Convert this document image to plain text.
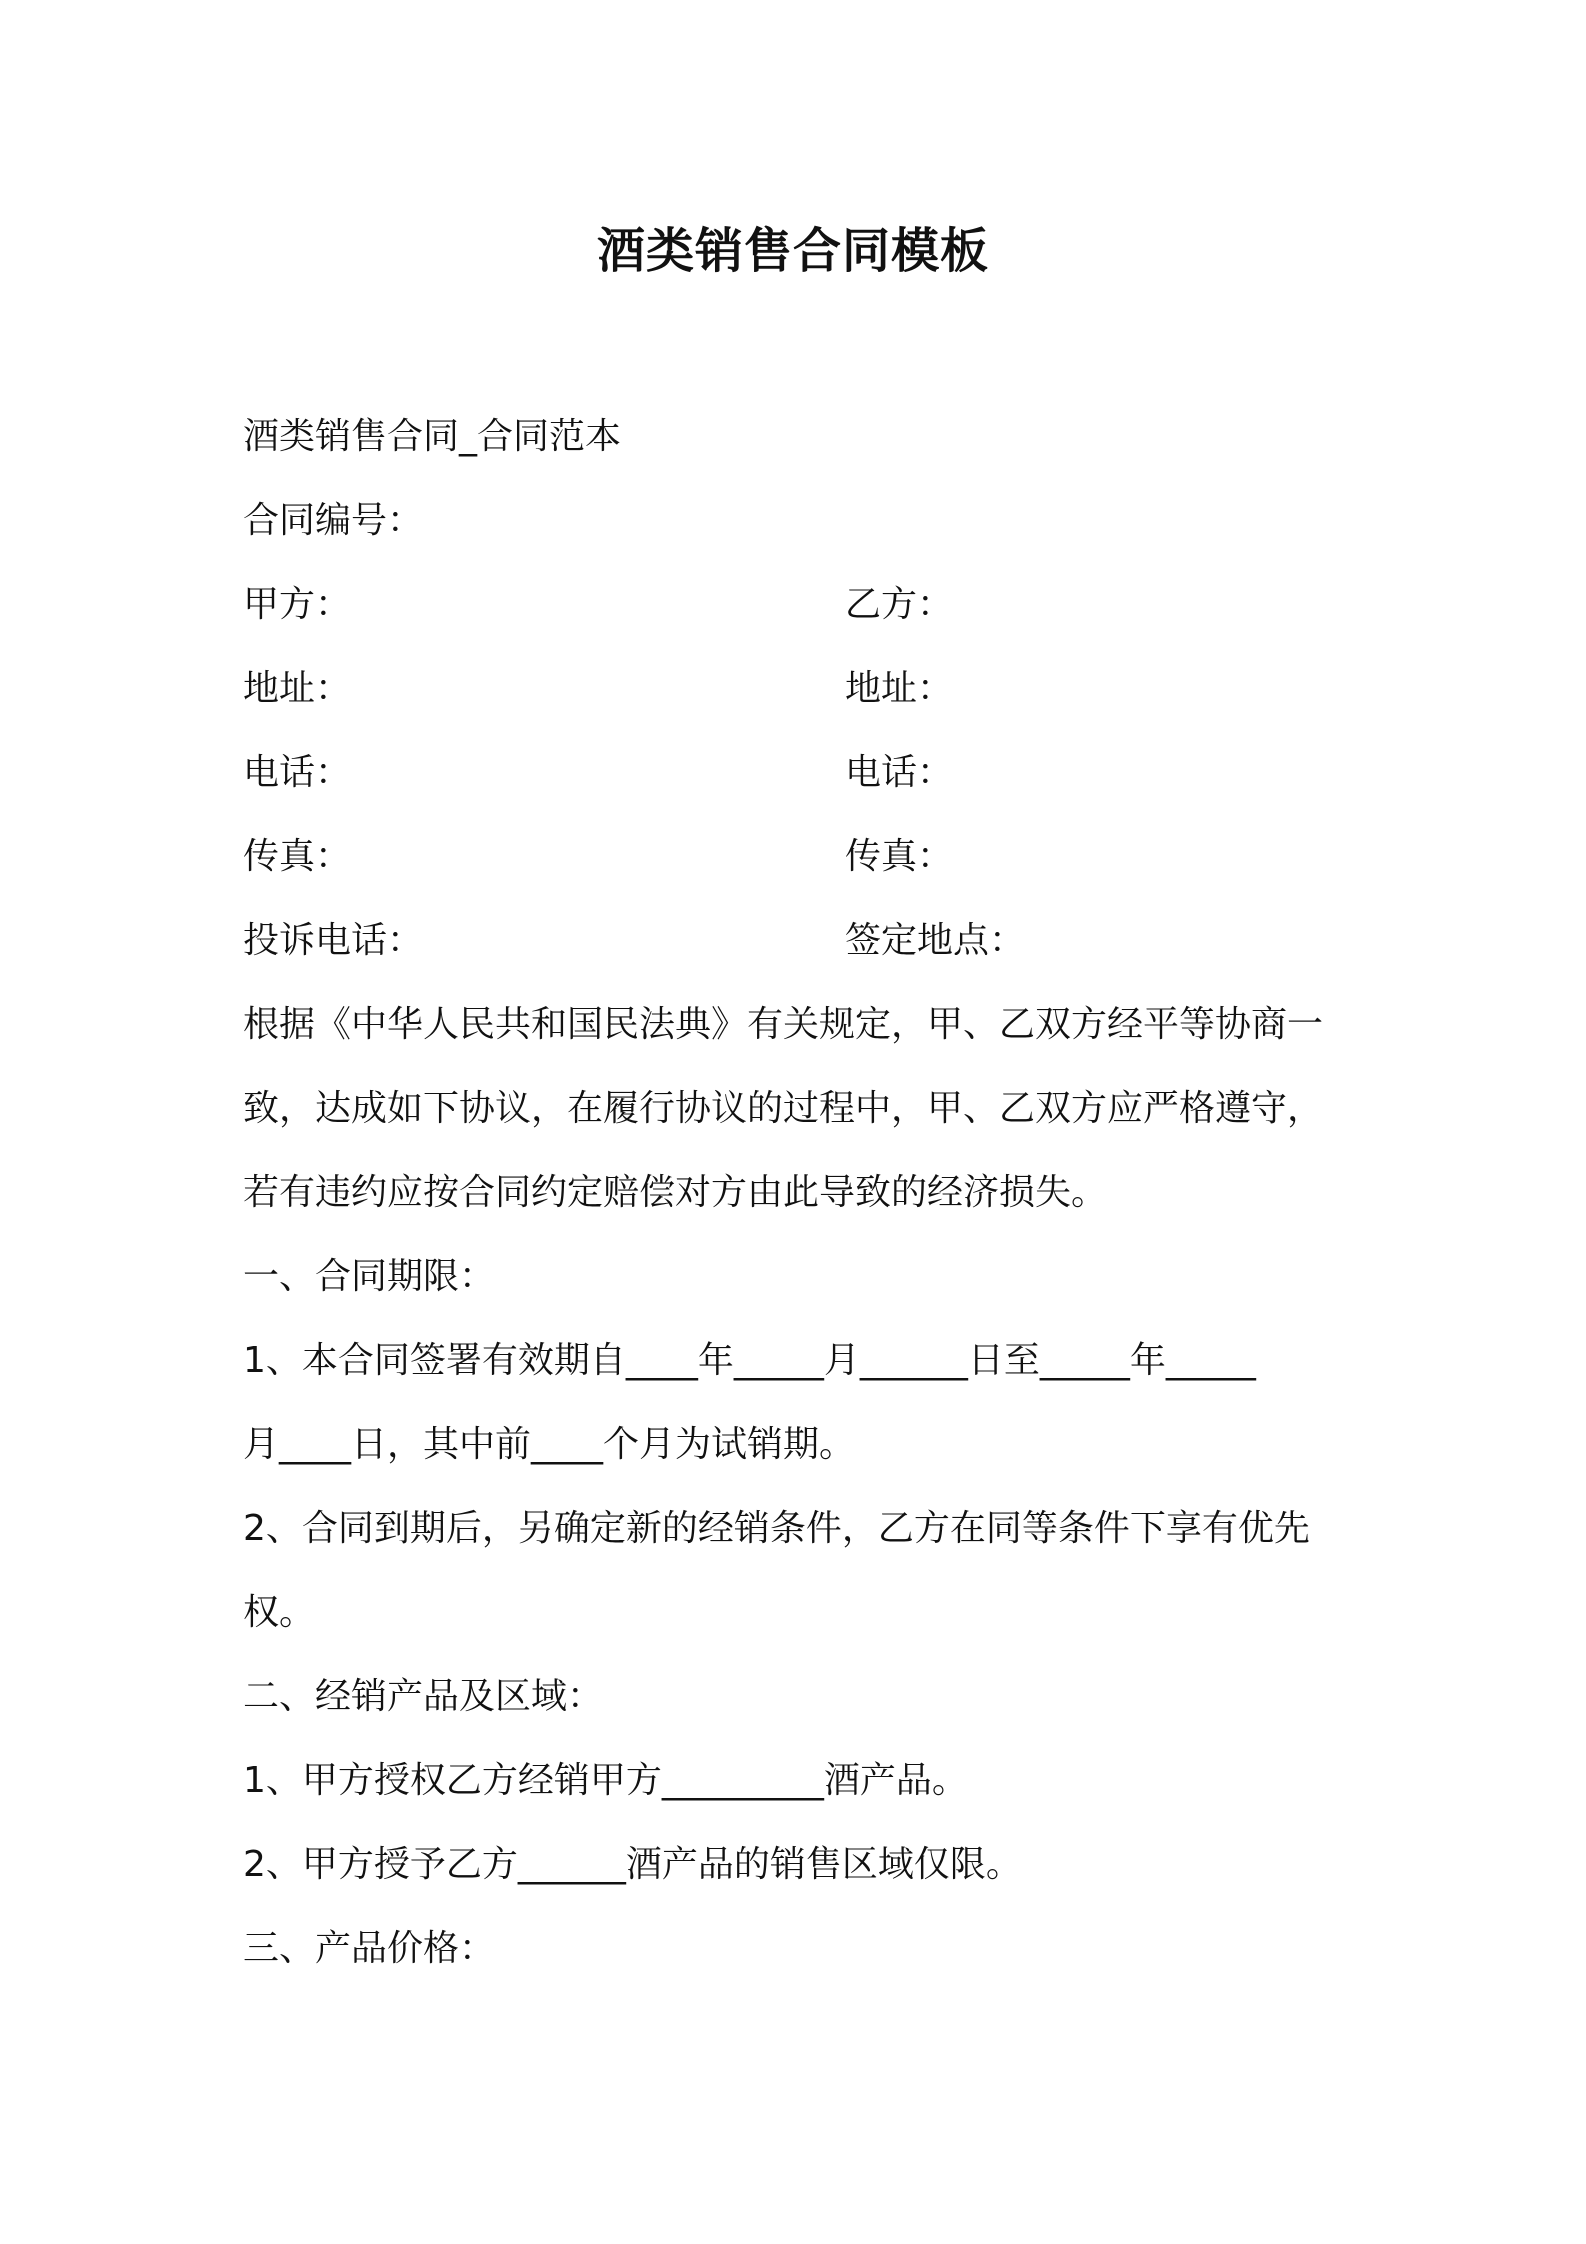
酒类销售合同模板

酒类销售合同_合同范本

合同编号：

甲方：	乙方：

地址：	地址：

电话：	电话：

传真：	传真：

投诉电话：	签定地点：

根据《中华人民共和国民法典》有关规定，甲、乙双方经平等协商一

致，达成如下协议，在履行协议的过程中，甲、乙双方应严格遵守，

若有违约应按合同约定赔偿对方由此导致的经济损失。

一、合同期限：

1、本合同签署有效期自____年_____月______日至_____年_____

月____日，其中前____个月为试销期。

2、合同到期后，另确定新的经销条件，乙方在同等条件下享有优先

权。

二、经销产品及区域：

1、甲方授权乙方经销甲方_________酒产品。

2、甲方授予乙方______酒产品的销售区域仅限。

三、产品价格：
